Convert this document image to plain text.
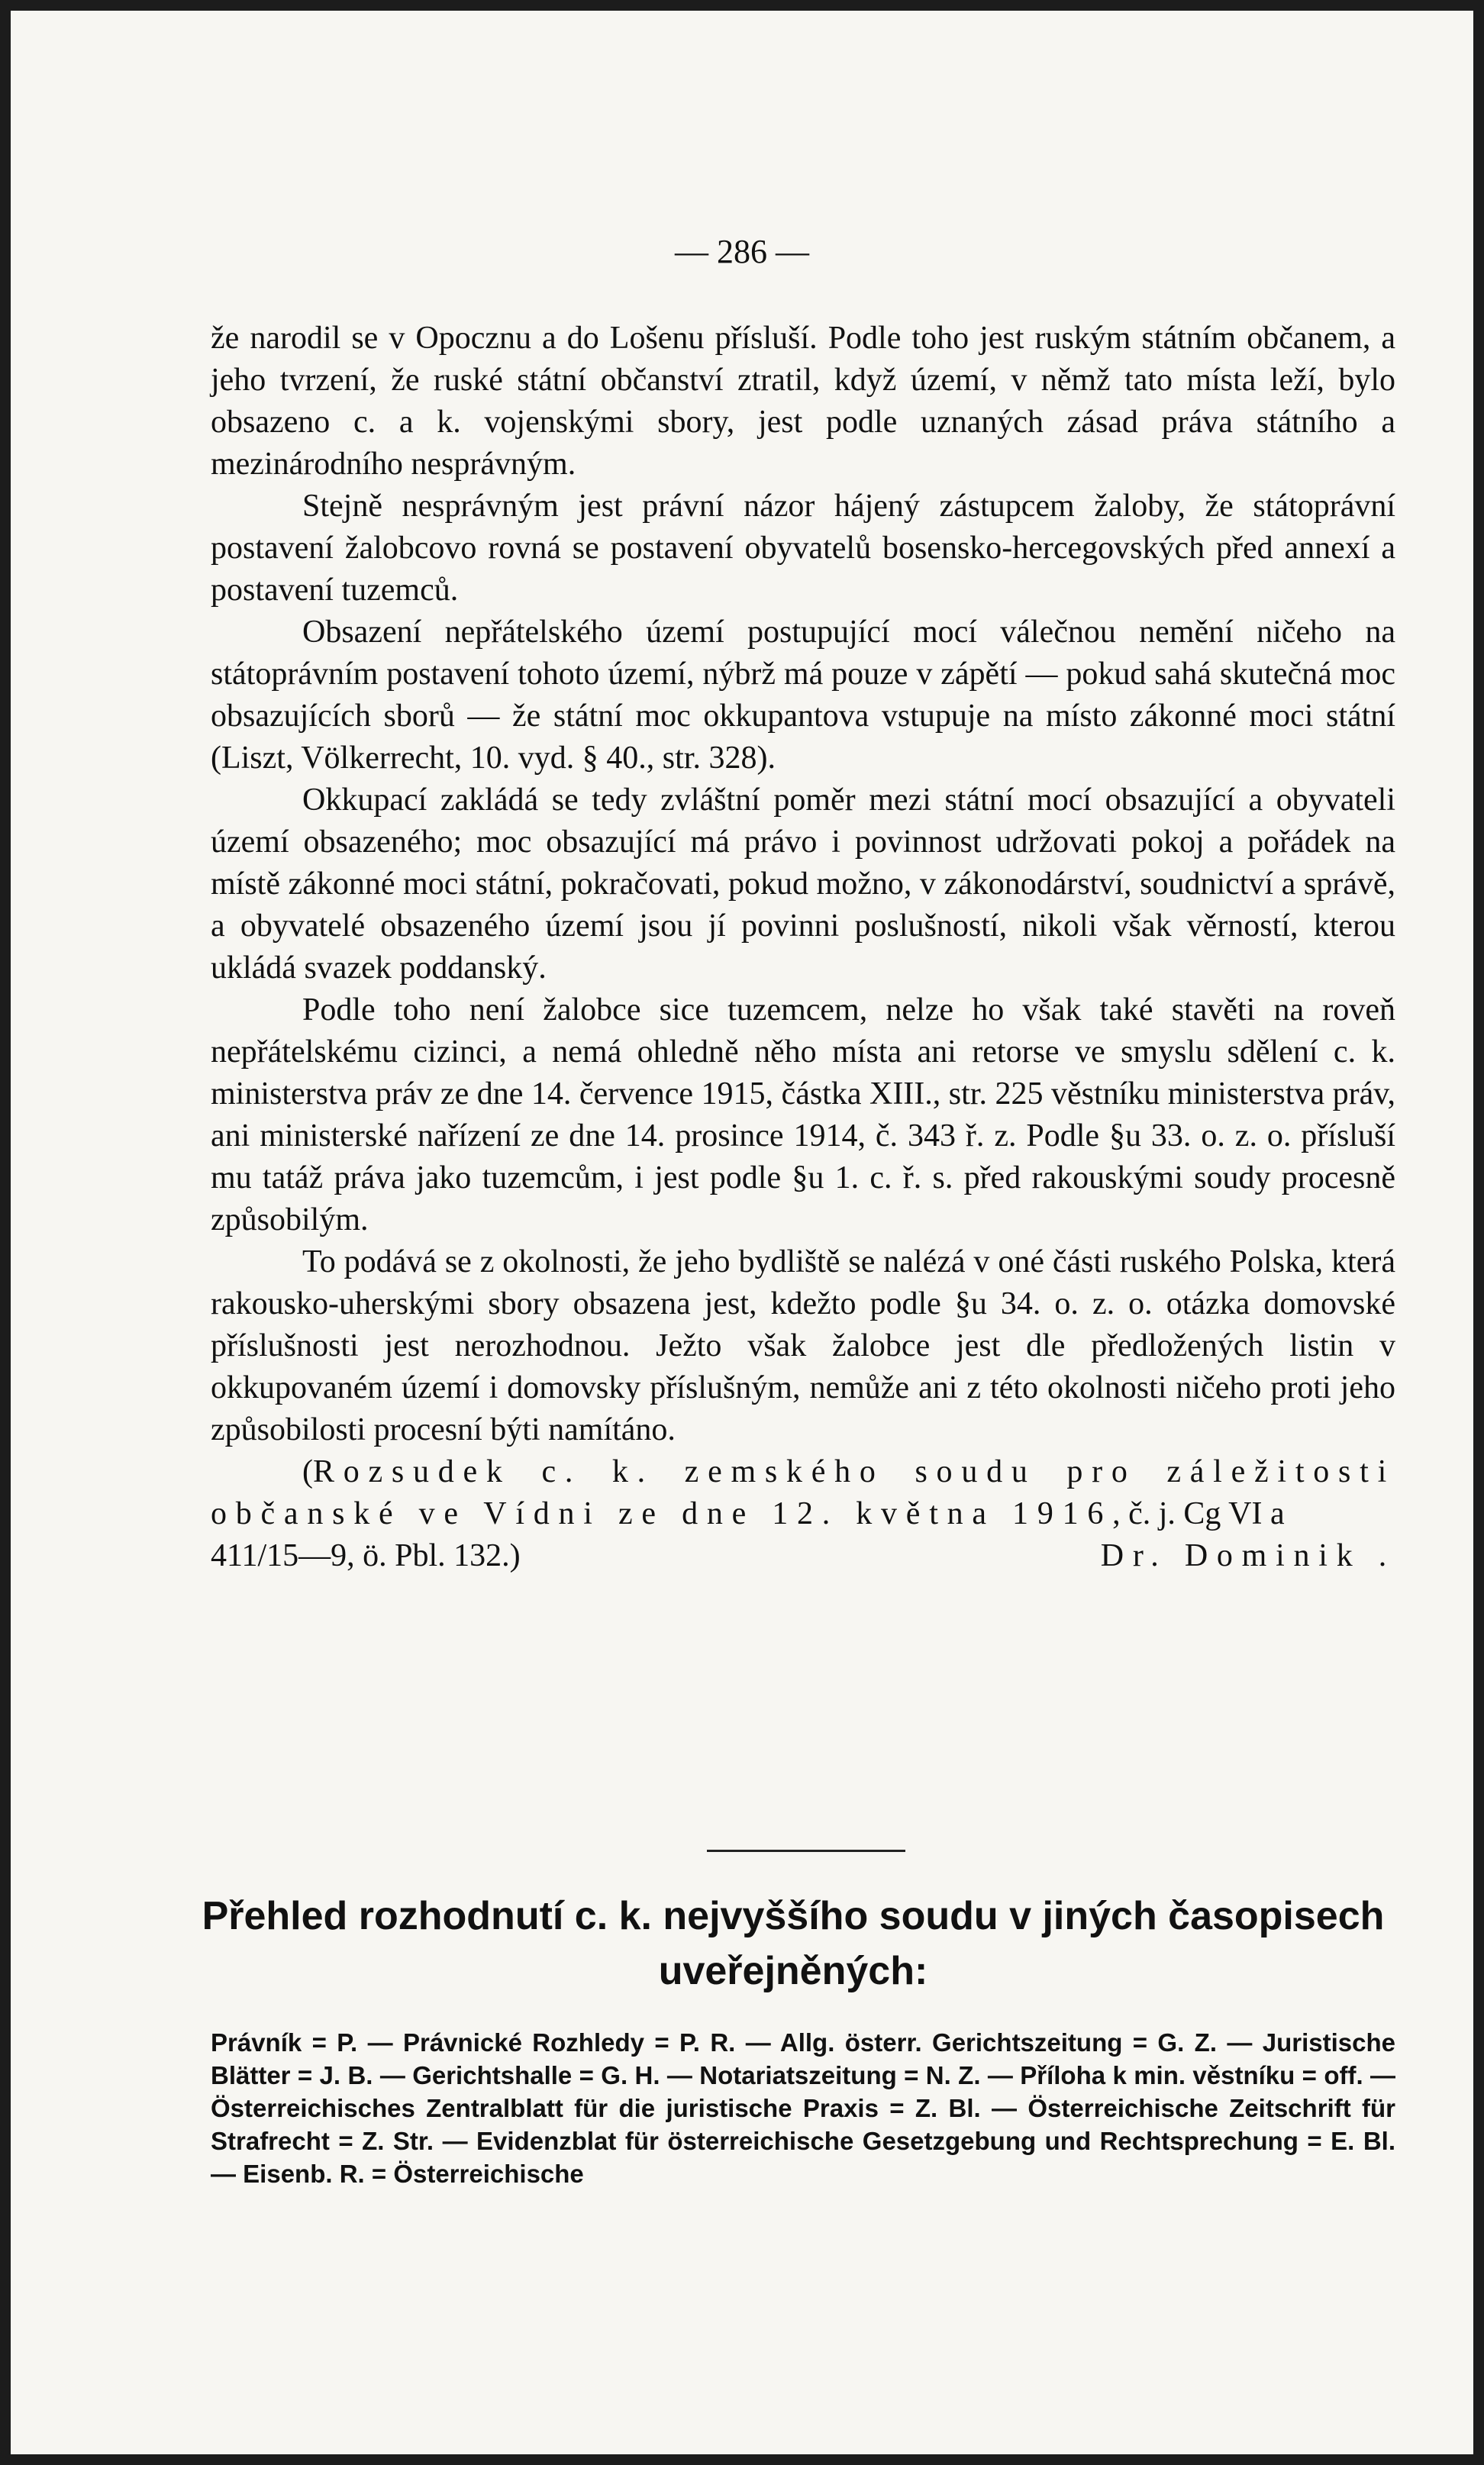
— 286 —

že narodil se v Opocznu a do Lošenu přísluší. Podle toho jest ruským státním občanem, a jeho tvrzení, že ruské státní občanství ztratil, když území, v němž tato místa leží, bylo obsazeno c. a k. vojenskými sbory, jest podle uznaných zásad práva státního a mezinárodního nesprávným.

Stejně nesprávným jest právní názor hájený zástupcem žaloby, že státoprávní postavení žalobcovo rovná se postavení obyvatelů bosensko-hercegovských před annexí a postavení tuzemců.

Obsazení nepřátelského území postupující mocí válečnou nemění ničeho na státoprávním postavení tohoto území, nýbrž má pouze v zápětí — pokud sahá skutečná moc obsazujících sborů — že státní moc okkupantova vstupuje na místo zákonné moci státní (Liszt, Völkerrecht, 10. vyd. § 40., str. 328).

Okkupací zakládá se tedy zvláštní poměr mezi státní mocí obsazující a obyvateli území obsazeného; moc obsazující má právo i povinnost udržovati pokoj a pořádek na místě zákonné moci státní, pokračovati, pokud možno, v zákonodárství, soudnictví a správě, a obyvatelé obsazeného území jsou jí povinni poslušností, nikoli však věrností, kterou ukládá svazek poddanský.

Podle toho není žalobce sice tuzemcem, nelze ho však také stavěti na roveň nepřátelskému cizinci, a nemá ohledně něho místa ani retorse ve smyslu sdělení c. k. ministerstva práv ze dne 14. července 1915, částka XIII., str. 225 věstníku ministerstva práv, ani ministerské nařízení ze dne 14. prosince 1914, č. 343 ř. z. Podle §u 33. o. z. o. přísluší mu tatáž práva jako tuzemcům, i jest podle §u 1. c. ř. s. před rakouskými soudy procesně způsobilým.

To podává se z okolnosti, že jeho bydliště se nalézá v oné části ruského Polska, která rakousko-uherskými sbory obsazena jest, kdežto podle §u 34. o. z. o. otázka domovské příslušnosti jest nerozhodnou. Ježto však žalobce jest dle předložených listin v okkupovaném území i domovsky příslušným, nemůže ani z této okolnosti ničeho proti jeho způsobilosti procesní býti namítáno.

(Rozsudek c. k. zemského soudu pro záležitosti občanské ve Vídni ze dne 12. května 1916, č. j. Cg VI a

411/15—9, ö. Pbl. 132.)	Dr. Dominik .
Přehled rozhodnutí c. k. nejvyššího soudu v jiných časopisech uveřejněných:

Právník = P. — Právnické Rozhledy = P. R. — Allg. österr. Gerichtszeitung = G. Z. — Juristische Blätter = J. B. — Gerichtshalle = G. H. — Notariatszeitung = N. Z. — Příloha k min. věstníku = off. — Österreichisches Zentralblatt für die juristische Praxis = Z. Bl. — Österreichische Zeitschrift für Strafrecht = Z. Str. — Evidenzblat für österreichische Gesetzgebung und Rechtsprechung = E. Bl. — Eisenb. R. = Österreichische
